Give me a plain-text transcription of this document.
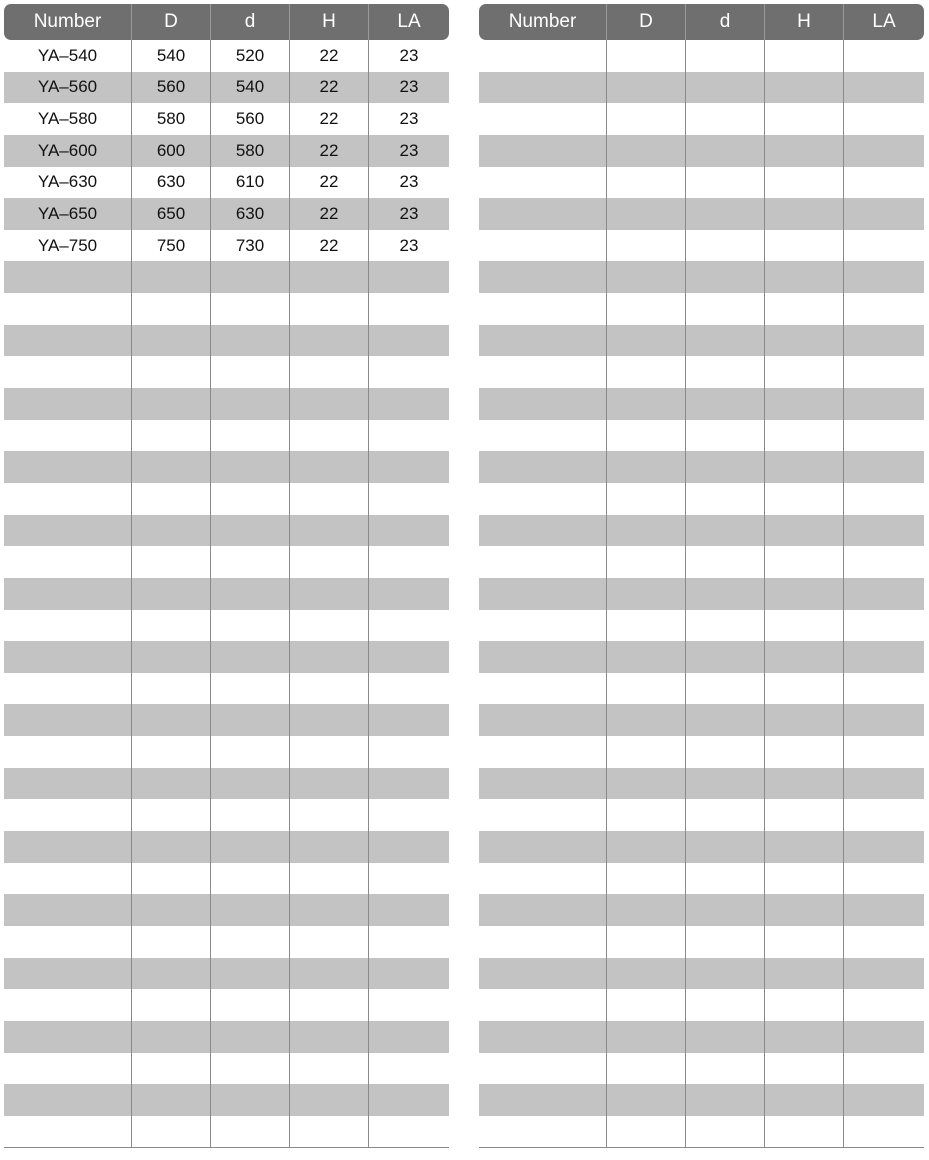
Number	D	d	H	LA
YA–540	540	520	22	23
YA–560	560	540	22	23
YA–580	580	560	22	23
YA–600	600	580	22	23
YA–630	630	610	22	23
YA–650	650	630	22	23
YA–750	750	730	22	23
Number	D	d	H	LA
